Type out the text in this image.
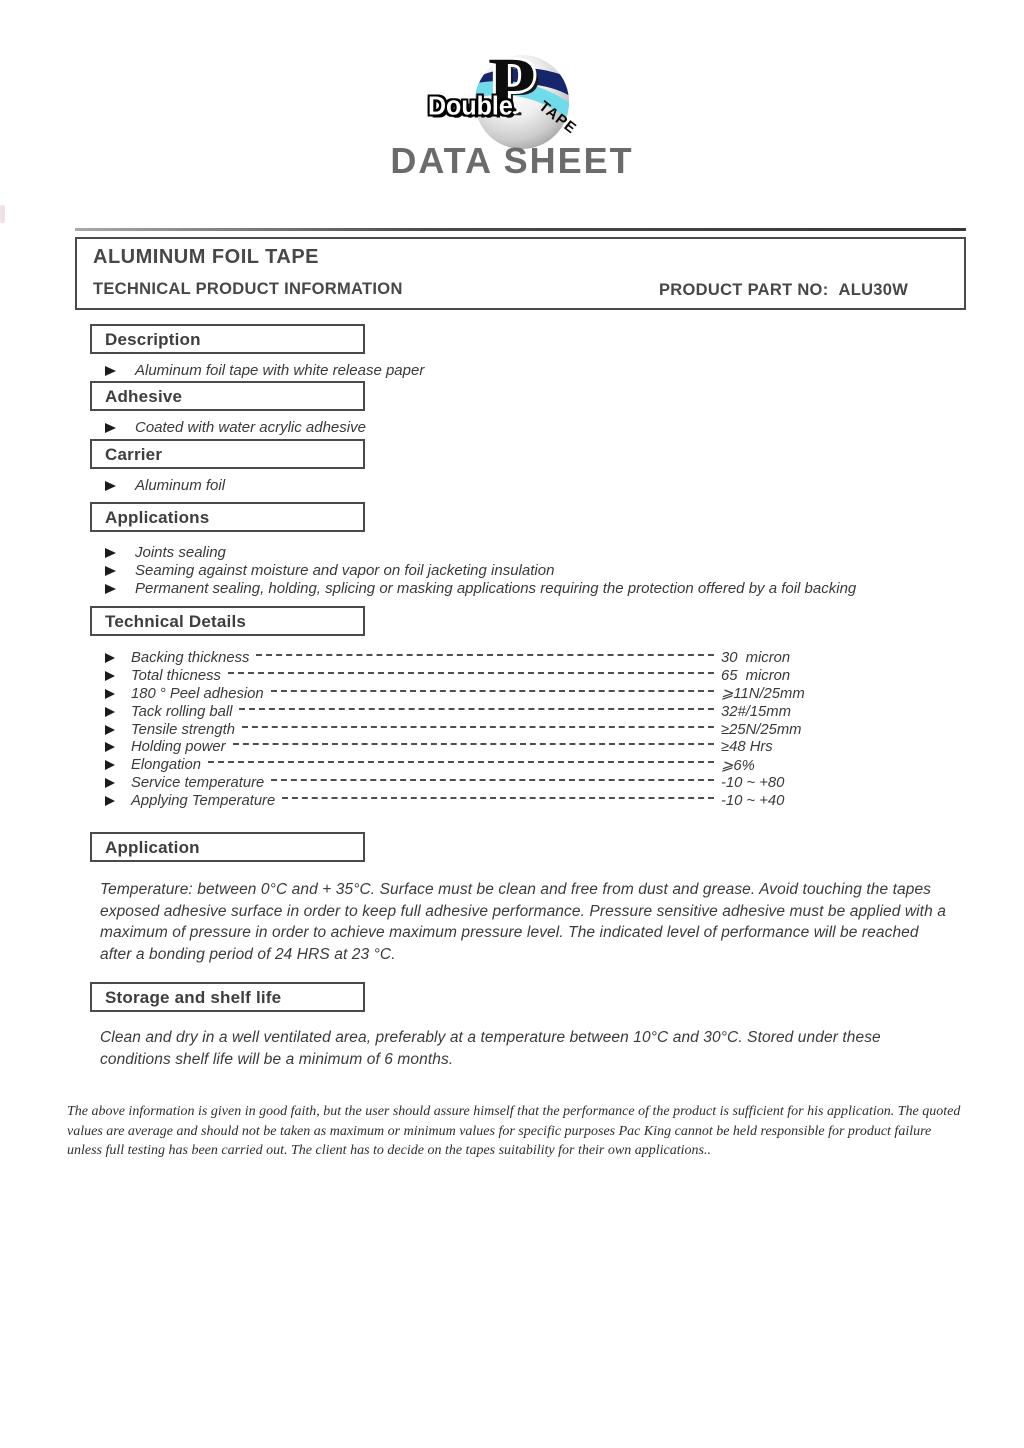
TAPE
P
Double
DATA SHEET
ALUMINUM FOIL TAPE
TECHNICAL PRODUCT INFORMATION	PRODUCT PART NO: ALU30W
Description
Aluminum foil tape with white release paper
Adhesive
Coated with water acrylic adhesive
Carrier
Aluminum foil
Applications
Joints sealing
Seaming against moisture and vapor on foil jacketing insulation
Permanent sealing, holding, splicing or masking applications requiring the protection offered by a foil backing
Technical Details
Backing thickness	30  micron
Total thicness	65  micron
180 ° Peel adhesion	⩾11N/25mm
Tack rolling ball	32#/15mm
Tensile strength	≥25N/25mm
Holding power	≥48 Hrs
Elongation	⩾6%
Service temperature	-10 ~ +80
Applying Temperature	-10 ~ +40
Application
Temperature: between 0°C and + 35°C. Surface must be clean and free from dust and grease. Avoid touching the tapes exposed adhesive surface in order to keep full adhesive performance. Pressure sensitive adhesive must be applied with a maximum of pressure in order to achieve maximum pressure level. The indicated level of performance will be reached after a bonding period of 24 HRS at 23 °C.
Storage and shelf life
Clean and dry in a well ventilated area, preferably at a temperature between 10°C and 30°C. Stored under these conditions shelf life will be a minimum of 6 months.
The above information is given in good faith, but the user should assure himself that the performance of the product is sufficient for his application. The quoted values are average and should not be taken as maximum or minimum values for specific purposes Pac King cannot be held responsible for product failure unless full testing has been carried out. The client has to decide on the tapes suitability for their own applications..
